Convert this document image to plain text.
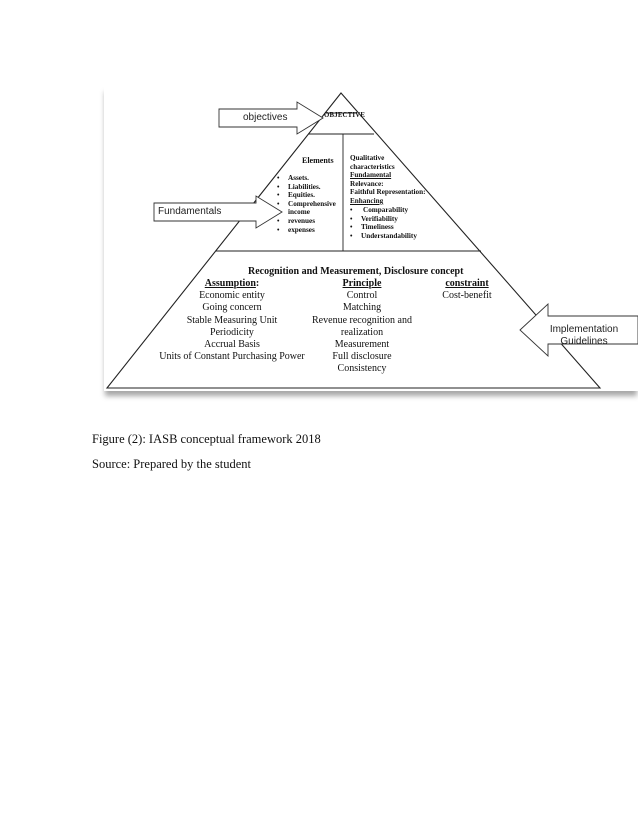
objectives
Fundamentals
Implementation
Guidelines
OBJECTIVE
Elements
• Assets.
• Liabilities.
• Equities.
• Comprehensive income
• revenues
• expenses
Qualitative
characteristics
Fundamental
Relevance:
Faithful Representation:
Enhancing
• Comparability
• Verifiability
• Timeliness
• Understandability
Recognition and Measurement, Disclosure concept
Assumption:
Economic entity
Going concern
Stable Measuring Unit
Periodicity
Accrual Basis
Units of Constant Purchasing Power
Principle
Control
Matching
Revenue recognition and
realization
Measurement
Full disclosure
Consistency
constraint
Cost-benefit
Figure (2): IASB conceptual framework 2018
Source: Prepared by the student
